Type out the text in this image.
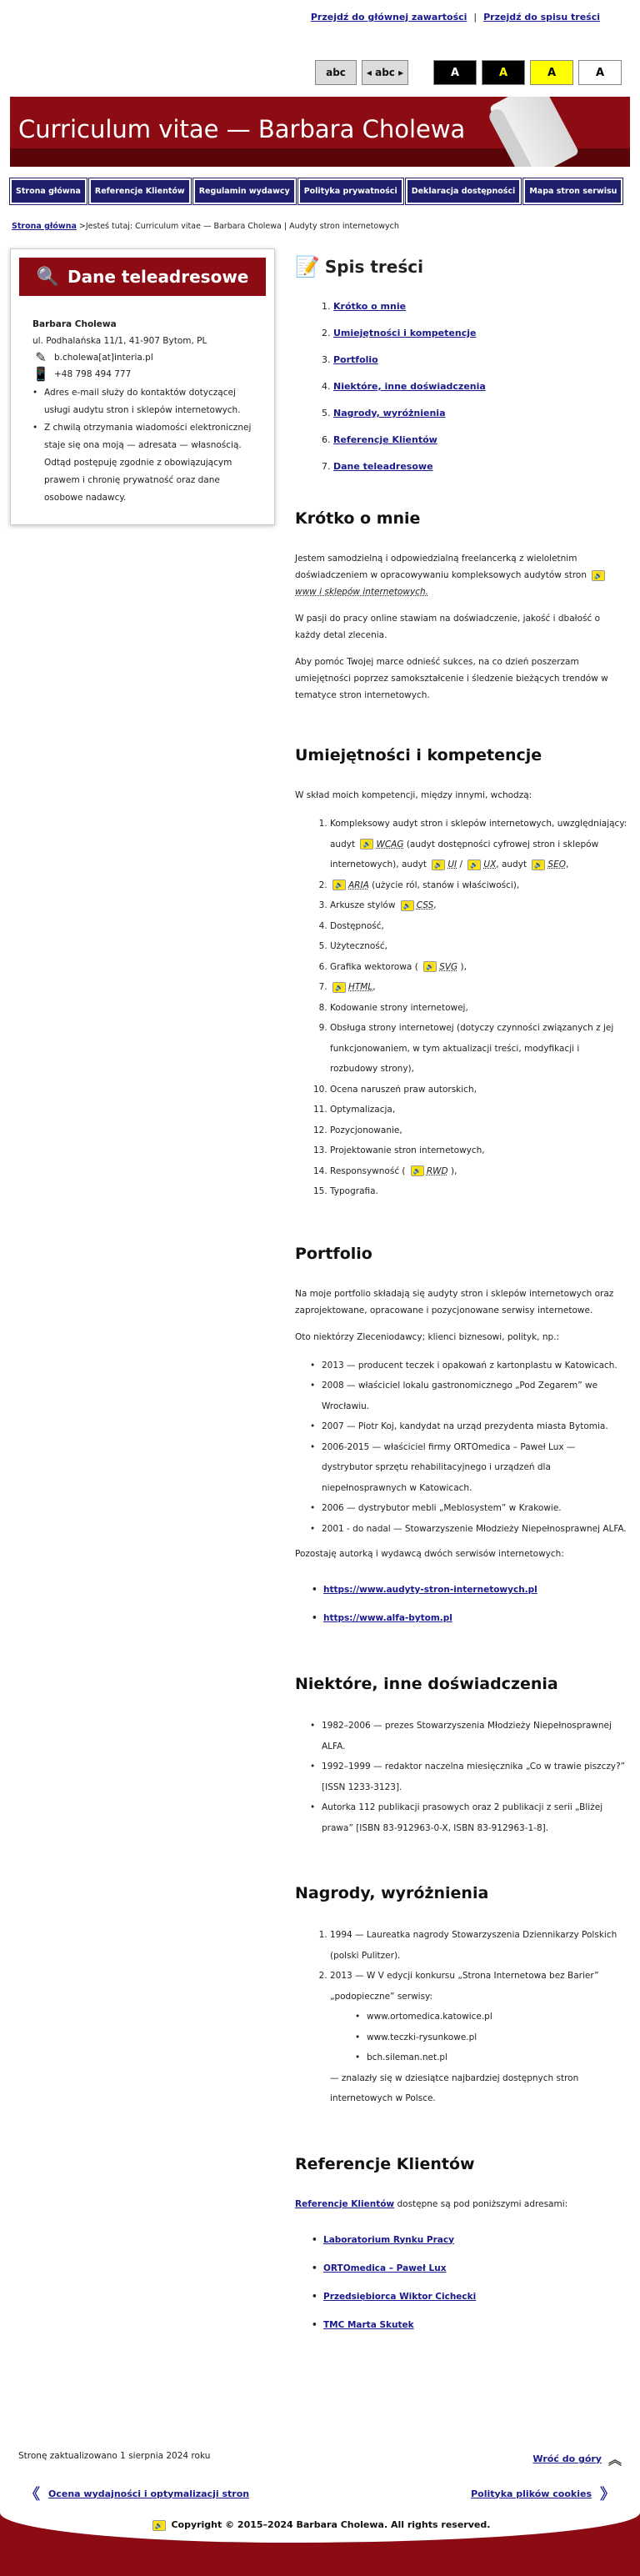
Przejdź do głównej zawartości | Przejdź do spisu treści
abc	◂ abc ▸	A	A	A	A
Curriculum vitae — Barbara Cholewa
Strona główna	Referencje Klientów	Regulamin wydawcy	Polityka prywatności	Deklaracja dostępności	Mapa stron serwisu
Strona główna >Jesteś tutaj: Curriculum vitae — Barbara Cholewa | Audyty stron internetowych
🔍 Dane teleadresowe
Barbara Cholewa
ul. Podhalańska 11/1, 41-907 Bytom, PL
✎ b.cholewa[at]interia.pl
📱 +48 798 494 777
• Adres e-mail służy do kontaktów dotyczącej usługi audytu stron i sklepów internetowych.
• Z chwilą otrzymania wiadomości elektronicznej staje się ona moją — adresata — własnością. Odtąd postępuję zgodnie z obowiązującym prawem i chronię prywatność oraz dane osobowe nadawcy.
📝 Spis treści
1. Krótko o mnie
2. Umiejętności i kompetencje
3. Portfolio
4. Niektóre, inne doświadczenia
5. Nagrody, wyróżnienia
6. Referencje Klientów
7. Dane teleadresowe
Krótko o mnie

Jestem samodzielną i odpowiedzialną freelancerką z wieloletnim doświadczeniem w opracowywaniu kompleksowych audytów stron 🔊 www i sklepów internetowych.

W pasji do pracy online stawiam na doświadczenie, jakość i dbałość o każdy detal zlecenia.

Aby pomóc Twojej marce odnieść sukces, na co dzień poszerzam umiejętności poprzez samokształcenie i śledzenie bieżących trendów w tematyce stron internetowych.

Umiejętności i kompetencje

W skład moich kompetencji, między innymi, wchodzą:

1. Kompleksowy audyt stron i sklepów internetowych, uwzględniający: audyt 🔊 WCAG (audyt dostępności cyfrowej stron i sklepów internetowych), audyt 🔊 UI / 🔊 UX, audyt 🔊 SEO,
2. 🔊 ARIA (użycie ról, stanów i właściwości),
3. Arkusze stylów 🔊 CSS,
4. Dostępność,
5. Użyteczność,
6. Grafika wektorowa ( 🔊 SVG ),
7. 🔊 HTML,
8. Kodowanie strony internetowej,
9. Obsługa strony internetowej (dotyczy czynności związanych z jej funkcjonowaniem, w tym aktualizacji treści, modyfikacji i rozbudowy strony),
10. Ocena naruszeń praw autorskich,
11. Optymalizacja,
12. Pozycjonowanie,
13. Projektowanie stron internetowych,
14. Responsywność ( 🔊 RWD ),
15. Typografia.
Portfolio

Na moje portfolio składają się audyty stron i sklepów internetowych oraz zaprojektowane, opracowane i pozycjonowane serwisy internetowe.

Oto niektórzy Zleceniodawcy; klienci biznesowi, polityk, np.:

• 2013 — producent teczek i opakowań z kartonplastu w Katowicach.
• 2008 — właściciel lokalu gastronomicznego „Pod Zegarem” we Wrocławiu.
• 2007 — Piotr Koj, kandydat na urząd prezydenta miasta Bytomia.
• 2006-2015 — właściciel firmy ORTOmedica – Paweł Lux — dystrybutor sprzętu rehabilitacyjnego i urządzeń dla niepełnosprawnych w Katowicach.
• 2006 — dystrybutor mebli „Meblosystem” w Krakowie.
• 2001 - do nadal — Stowarzyszenie Młodzieży Niepełnosprawnej ALFA.

Pozostaję autorką i wydawcą dwóch serwisów internetowych:

• https://www.audyty-stron-internetowych.pl
• https://www.alfa-bytom.pl
Niektóre, inne doświadczenia
• 1982–2006 — prezes Stowarzyszenia Młodzieży Niepełnosprawnej ALFA.
• 1992–1999 — redaktor naczelna miesięcznika „Co w trawie piszczy?” [ISSN 1233-3123].
• Autorka 112 publikacji prasowych oraz 2 publikacji z serii „Bliżej prawa” [ISBN 83-912963-0-X, ISBN 83-912963-1-8].
Nagrody, wyróżnienia
1. 1994 — Laureatka nagrody Stowarzyszenia Dziennikarzy Polskich (polski Pulitzer).
2. 2013 — W V edycji konkursu „Strona Internetowa bez Barier” „podopieczne” serwisy:
• www.ortomedica.katowice.pl
• www.teczki-rysunkowe.pl
• bch.sileman.net.pl
— znalazły się w dziesiątce najbardziej dostępnych stron internetowych w Polsce.
Referencje Klientów

Referencje Klientów dostępne są pod poniższymi adresami:

• Laboratorium Rynku Pracy
• ORTOmedica – Paweł Lux
• Przedsiębiorca Wiktor Cichecki
• TMC Marta Skutek
Stronę zaktualizowano 1 sierpnia 2024 roku	Wróć do góry ︽
《 Ocena wydajności i optymalizacji stron	Polityka plików cookies 》
🔊 Copyright © 2015–2024 Barbara Cholewa. All rights reserved.
